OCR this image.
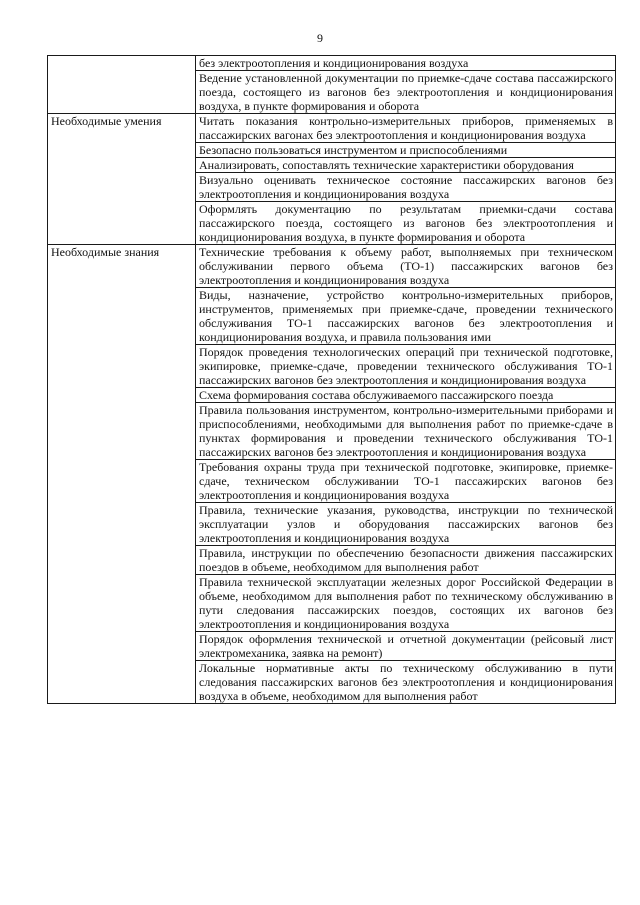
9
	без электроотопления и кондиционирования воздуха
	Ведение установленной документации по приемке-сдаче состава пассажирского поезда, состоящего из вагонов без электроотопления и кондиционирования воздуха, в пункте формирования и оборота
Необходимые умения	Читать показания контрольно-измерительных приборов, применяемых в пассажирских вагонах без электроотопления и кондиционирования воздуха
	Безопасно пользоваться инструментом и приспособлениями
	Анализировать, сопоставлять технические характеристики оборудования
	Визуально оценивать техническое состояние пассажирских вагонов без электроотопления и кондиционирования воздуха
	Оформлять документацию по результатам приемки-сдачи состава пассажирского поезда, состоящего из вагонов без электроотопления и кондиционирования воздуха, в пункте формирования и оборота
Необходимые знания	Технические требования к объему работ, выполняемых при техническом обслуживании первого объема (ТО-1) пассажирских вагонов без электроотопления и кондиционирования воздуха
	Виды, назначение, устройство контрольно-измерительных приборов, инструментов, применяемых при приемке-сдаче, проведении технического обслуживания ТО-1 пассажирских вагонов без электроотопления и кондиционирования воздуха, и правила пользования ими
	Порядок проведения технологических операций при технической подготовке, экипировке, приемке-сдаче, проведении технического обслуживания ТО-1 пассажирских вагонов без электроотопления и кондиционирования воздуха
	Схема формирования состава обслуживаемого пассажирского поезда
	Правила пользования инструментом, контрольно-измерительными приборами и приспособлениями, необходимыми для выполнения работ по приемке-сдаче в пунктах формирования и проведении технического обслуживания ТО-1 пассажирских вагонов без электроотопления и кондиционирования воздуха
	Требования охраны труда при технической подготовке, экипировке, приемке-сдаче, техническом обслуживании ТО-1 пассажирских вагонов без электроотопления и кондиционирования воздуха
	Правила, технические указания, руководства, инструкции по технической эксплуатации узлов и оборудования пассажирских вагонов без электроотопления и кондиционирования воздуха
	Правила, инструкции по обеспечению безопасности движения пассажирских поездов в объеме, необходимом для выполнения работ
	Правила технической эксплуатации железных дорог Российской Федерации в объеме, необходимом для выполнения работ по техническому обслуживанию в пути следования пассажирских поездов, состоящих их вагонов без электроотопления и кондиционирования воздуха
	Порядок оформления технической и отчетной документации (рейсовый лист электромеханика, заявка на ремонт)
	Локальные нормативные акты по техническому обслуживанию в пути следования пассажирских вагонов без электроотопления и кондиционирования воздуха в объеме, необходимом для выполнения работ
